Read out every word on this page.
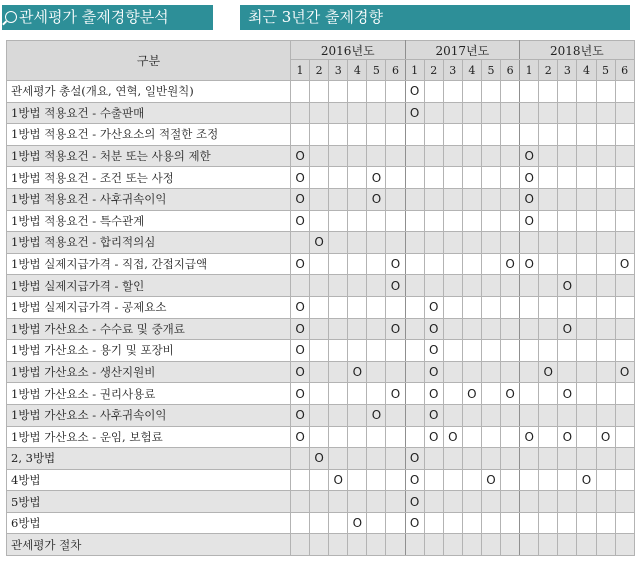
관세평가 출제경향분석	최근 3년간 출제경향
구분	2016년도						2017년도						2018년도					
	1	2	3	4	5	6	1	2	3	4	5	6	1	2	3	4	5	6
관세평가 총설(개요, 연혁, 일반원칙)							O											
1방법 적용요건 - 수출판매							O											
1방법 적용요건 - 가산요소의 적절한 조정																		
1방법 적용요건 - 처분 또는 사용의 제한	O												O					
1방법 적용요건 - 조건 또는 사정	O				O								O					
1방법 적용요건 - 사후귀속이익	O				O								O					
1방법 적용요건 - 특수관계	O												O					
1방법 적용요건 - 합리적의심		O																
1방법 실제지급가격 - 직접, 간접지급액	O					O						O	O					O
1방법 실제지급가격 - 할인						O									O			
1방법 실제지급가격 - 공제요소	O							O										
1방법 가산요소 - 수수료 및 중개료	O					O		O							O			
1방법 가산요소 - 용기 및 포장비	O							O										
1방법 가산요소 - 생산지원비	O			O				O						O				O
1방법 가산요소 - 권리사용료	O					O		O		O		O			O			
1방법 가산요소 - 사후귀속이익	O				O			O										
1방법 가산요소 - 운임, 보험료	O							O	O				O		O		O	
2, 3방법		O					O											
4방법			O				O				O					O		
5방법							O											
6방법				O			O											
관세평가 절차																		
